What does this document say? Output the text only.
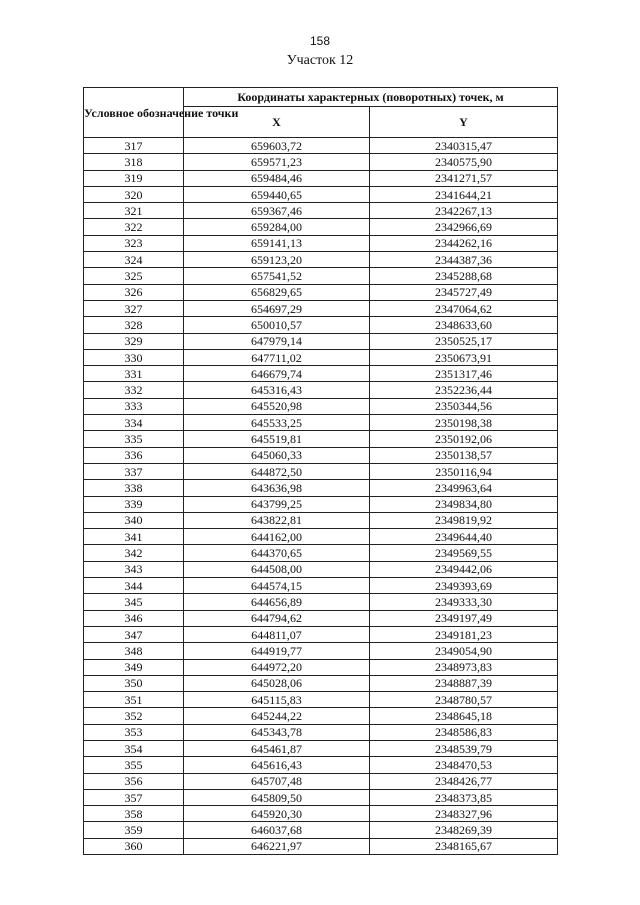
158
Участок 12
Условное обозначение точки	Координаты характерных (поворотных) точек, м	
	X	Y
317	659603,72	2340315,47
318	659571,23	2340575,90
319	659484,46	2341271,57
320	659440,65	2341644,21
321	659367,46	2342267,13
322	659284,00	2342966,69
323	659141,13	2344262,16
324	659123,20	2344387,36
325	657541,52	2345288,68
326	656829,65	2345727,49
327	654697,29	2347064,62
328	650010,57	2348633,60
329	647979,14	2350525,17
330	647711,02	2350673,91
331	646679,74	2351317,46
332	645316,43	2352236,44
333	645520,98	2350344,56
334	645533,25	2350198,38
335	645519,81	2350192,06
336	645060,33	2350138,57
337	644872,50	2350116,94
338	643636,98	2349963,64
339	643799,25	2349834,80
340	643822,81	2349819,92
341	644162,00	2349644,40
342	644370,65	2349569,55
343	644508,00	2349442,06
344	644574,15	2349393,69
345	644656,89	2349333,30
346	644794,62	2349197,49
347	644811,07	2349181,23
348	644919,77	2349054,90
349	644972,20	2348973,83
350	645028,06	2348887,39
351	645115,83	2348780,57
352	645244,22	2348645,18
353	645343,78	2348586,83
354	645461,87	2348539,79
355	645616,43	2348470,53
356	645707,48	2348426,77
357	645809,50	2348373,85
358	645920,30	2348327,96
359	646037,68	2348269,39
360	646221,97	2348165,67
